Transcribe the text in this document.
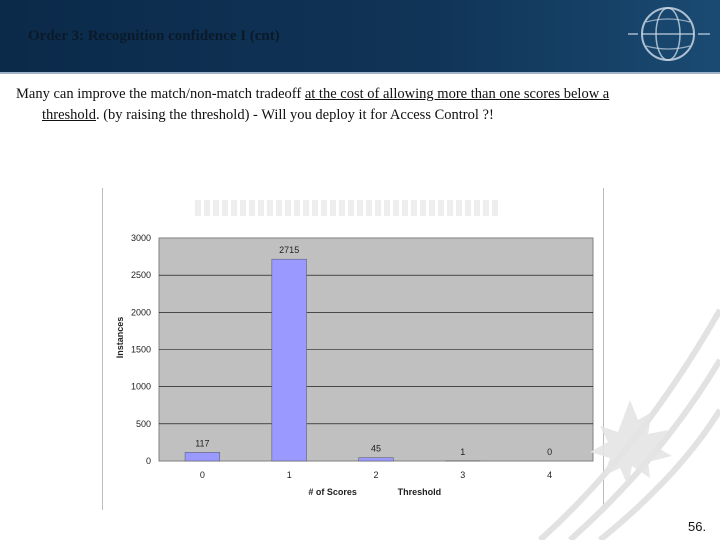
Order 3: Recognition confidence I (cnt)
Many can improve the match/non-match tradeoff at the cost of allowing more than one scores below a
threshold. (by raising the threshold) - Will you deploy it for Access Control ?!
117
2715
45	1	0
0
500
1000
1500
2000
2500
3000
0	1	2	3	4
Instances
# of Scores	Threshold
56.
